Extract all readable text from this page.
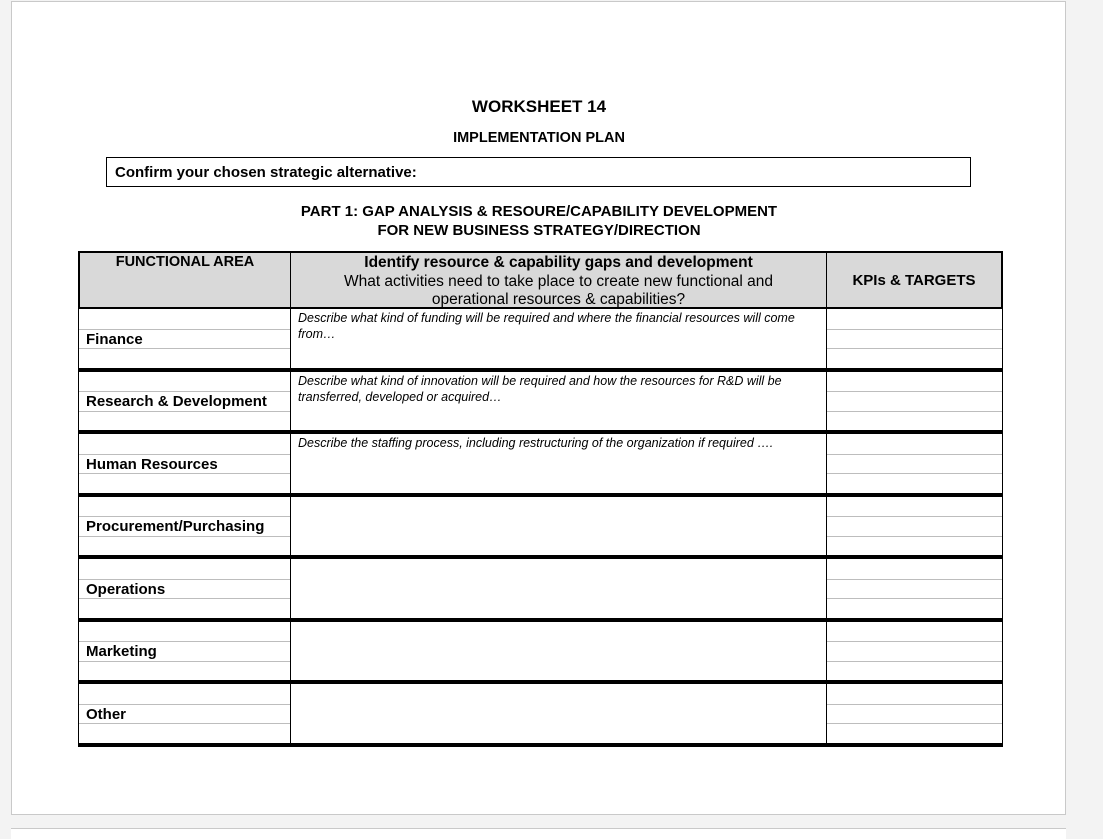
WORKSHEET 14
IMPLEMENTATION PLAN
Confirm your chosen strategic alternative:
PART 1: GAP ANALYSIS & RESOURE/CAPABILITY DEVELOPMENT
FOR NEW BUSINESS STRATEGY/DIRECTION
FUNCTIONAL AREA	Identify resource & capability gaps and development
What activities need to take place to create new functional and
operational resources & capabilities?
KPIs & TARGETS
Finance
Describe what kind of funding will be required and where the financial resources will come from…
Research & Development
Describe what kind of innovation will be required and how the resources for R&D will be transferred, developed or acquired…
Human Resources
Describe the staffing process, including restructuring of the organization if required ….
Procurement/Purchasing
Operations
Marketing
Other
